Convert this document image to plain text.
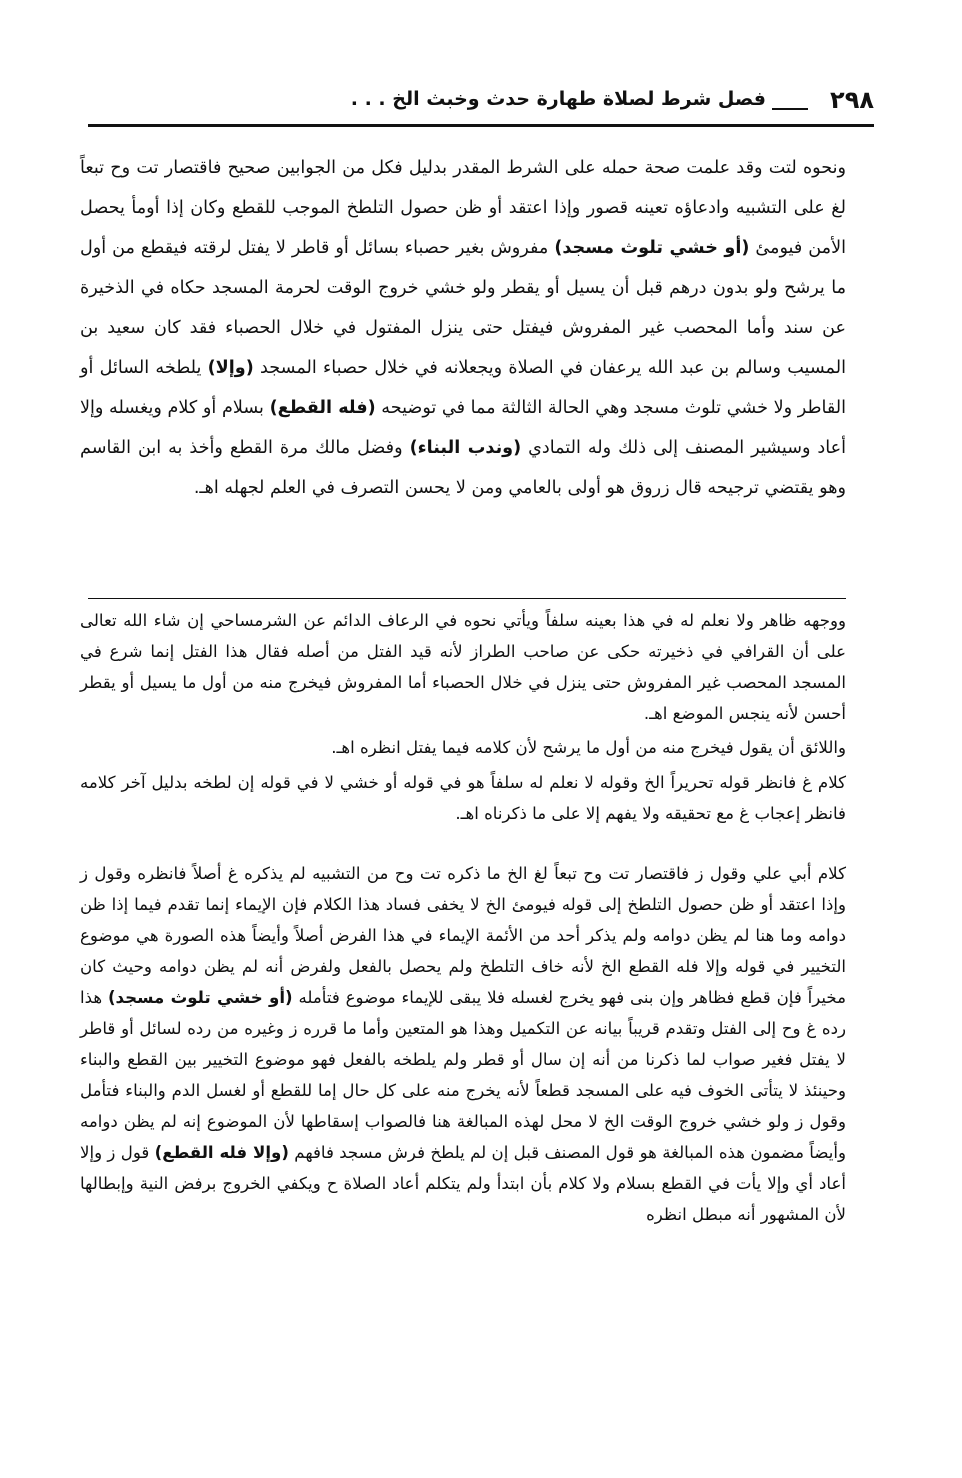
٢٩٨
فصل شرط لصلاة طهارة حدث وخبث الخ . . .

ونحوه لتت وقد علمت صحة حمله على الشرط المقدر بدليل فكل من الجوابين صحيح فاقتصار تت وح تبعاً لغ على التشبيه وادعاؤه تعينه قصور وإذا اعتقد أو ظن حصول التلطخ الموجب للقطع وكان إذا أومأ يحصل الأمن فيومئ (أو خشي تلوث مسجد) مفروش بغير حصباء بسائل أو قاطر لا يفتل لرقته فيقطع من أول ما يرشح ولو بدون درهم قبل أن يسيل أو يقطر ولو خشي خروج الوقت لحرمة المسجد حكاه في الذخيرة عن سند وأما المحصب غير المفروش فيفتل حتى ينزل المفتول في خلال الحصباء فقد كان سعيد بن المسيب وسالم بن عبد الله يرعفان في الصلاة ويجعلانه في خلال حصباء المسجد (وإلا) يلطخه السائل أو القاطر ولا خشي تلوث مسجد وهي الحالة الثالثة مما في توضيحه (فله القطع) بسلام أو كلام ويغسله وإلا أعاد وسيشير المصنف إلى ذلك وله التمادي (وندب البناء) وفضل مالك مرة القطع وأخذ به ابن القاسم وهو يقتضي ترجيحه قال زروق هو أولى بالعامي ومن لا يحسن التصرف في العلم لجهله اهـ.

ووجهه ظاهر ولا نعلم له في هذا بعينه سلفاً ويأتي نحوه في الرعاف الدائم عن الشرمساحي إن شاء الله تعالى على أن القرافي في ذخيرته حكى عن صاحب الطراز لأنه قيد الفتل من أصله فقال هذا الفتل إنما شرع في المسجد المحصب غير المفروش حتى ينزل في خلال الحصباء أما المفروش فيخرج منه من أول ما يسيل أو يقطر أحسن لأنه ينجس الموضع اهـ.

واللائق أن يقول فيخرج منه من أول ما يرشح لأن كلامه فيما يفتل انظره اهـ.

كلام غ فانظر قوله تحريراً الخ وقوله لا نعلم له سلفاً هو في قوله أو خشي لا في قوله إن لطخه بدليل آخر كلامه فانظر إعجاب غ مع تحقيقه ولا يفهم إلا على ما ذكرناه اهـ.

كلام أبي علي وقول ز فاقتصار تت وح تبعاً لغ الخ ما ذكره تت وح من التشبيه لم يذكره غ أصلاً فانظره وقول ز وإذا اعتقد أو ظن حصول التلطخ إلى قوله فيومئ الخ لا يخفى فساد هذا الكلام فإن الإيماء إنما تقدم فيما إذا ظن دوامه وما هنا لم يظن دوامه ولم يذكر أحد من الأئمة الإيماء في هذا الفرض أصلاً وأيضاً هذه الصورة هي موضوع التخيير في قوله وإلا فله القطع الخ لأنه خاف التلطخ ولم يحصل بالفعل ولفرض أنه لم يظن دوامه وحيث كان مخيراً فإن قطع فظاهر وإن بنى فهو يخرج لغسله فلا يبقى للإيماء موضوع فتأمله (أو خشي تلوث مسجد) هذا رده غ وح إلى الفتل وتقدم قريباً بيانه عن التكميل وهذا هو المتعين وأما ما قرره ز وغيره من رده لسائل أو قاطر لا يفتل فغير صواب لما ذكرنا من أنه إن سال أو قطر ولم يلطخه بالفعل فهو موضوع التخيير بين القطع والبناء وحينئذ لا يتأتى الخوف فيه على المسجد قطعاً لأنه يخرج منه على كل حال إما للقطع أو لغسل الدم والبناء فتأمل وقول ز ولو خشي خروج الوقت الخ لا محل لهذه المبالغة هنا فالصواب إسقاطها لأن الموضوع إنه لم يظن دوامه وأيضاً مضمون هذه المبالغة هو قول المصنف قبل إن لم يلطخ فرش مسجد فافهم (وإلا فله القطع) قول ز وإلا أعاد أي وإلا يأت في القطع بسلام ولا كلام بأن ابتدأ ولم يتكلم أعاد الصلاة ح ويكفي الخروج برفض النية وإبطالها لأن المشهور أنه مبطل انظره
